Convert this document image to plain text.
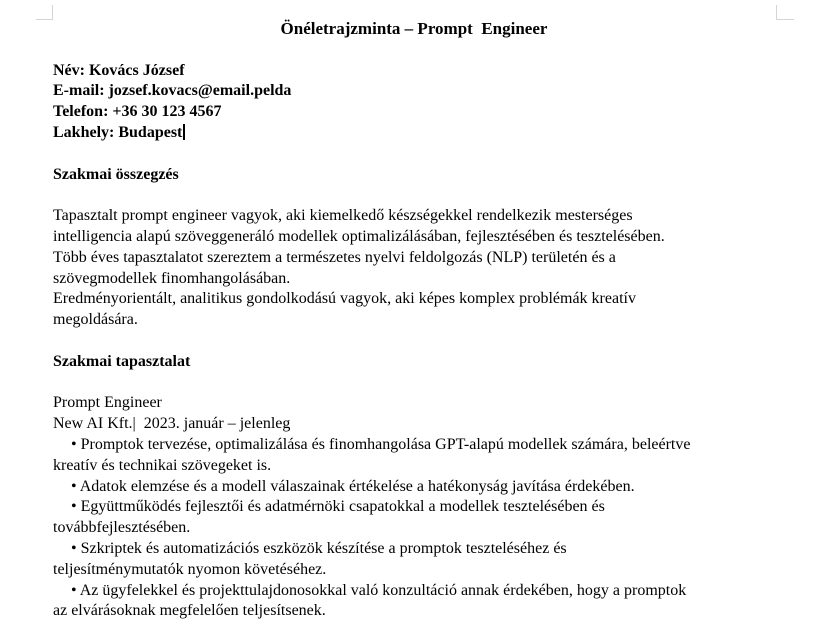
Önéletrajzminta – Prompt  Engineer
Név: Kovács József
E-mail: jozsef.kovacs@email.pelda
Telefon: +36 30 123 4567
Lakhely: Budapest
Szakmai összegzés
Tapasztalt prompt engineer vagyok, aki kiemelkedő készségekkel rendelkezik mesterséges
intelligencia alapú szöveggeneráló modellek optimalizálásában, fejlesztésében és tesztelésében.
Több éves tapasztalatot szereztem a természetes nyelvi feldolgozás (NLP) területén és a
szövegmodellek finomhangolásában.
Eredményorientált, analitikus gondolkodású vagyok, aki képes komplex problémák kreatív
megoldására.
Szakmai tapasztalat
Prompt Engineer
New AI Kft.|  2023. január – jelenleg
• Promptok tervezése, optimalizálása és finomhangolása GPT-alapú modellek számára, beleértve
kreatív és technikai szövegeket is.
• Adatok elemzése és a modell válaszainak értékelése a hatékonyság javítása érdekében.
• Együttműködés fejlesztői és adatmérnöki csapatokkal a modellek tesztelésében és
továbbfejlesztésében.
• Szkriptek és automatizációs eszközök készítése a promptok teszteléséhez és
teljesítménymutatók nyomon követéséhez.
• Az ügyfelekkel és projekttulajdonosokkal való konzultáció annak érdekében, hogy a promptok
az elvárásoknak megfelelően teljesítsenek.
